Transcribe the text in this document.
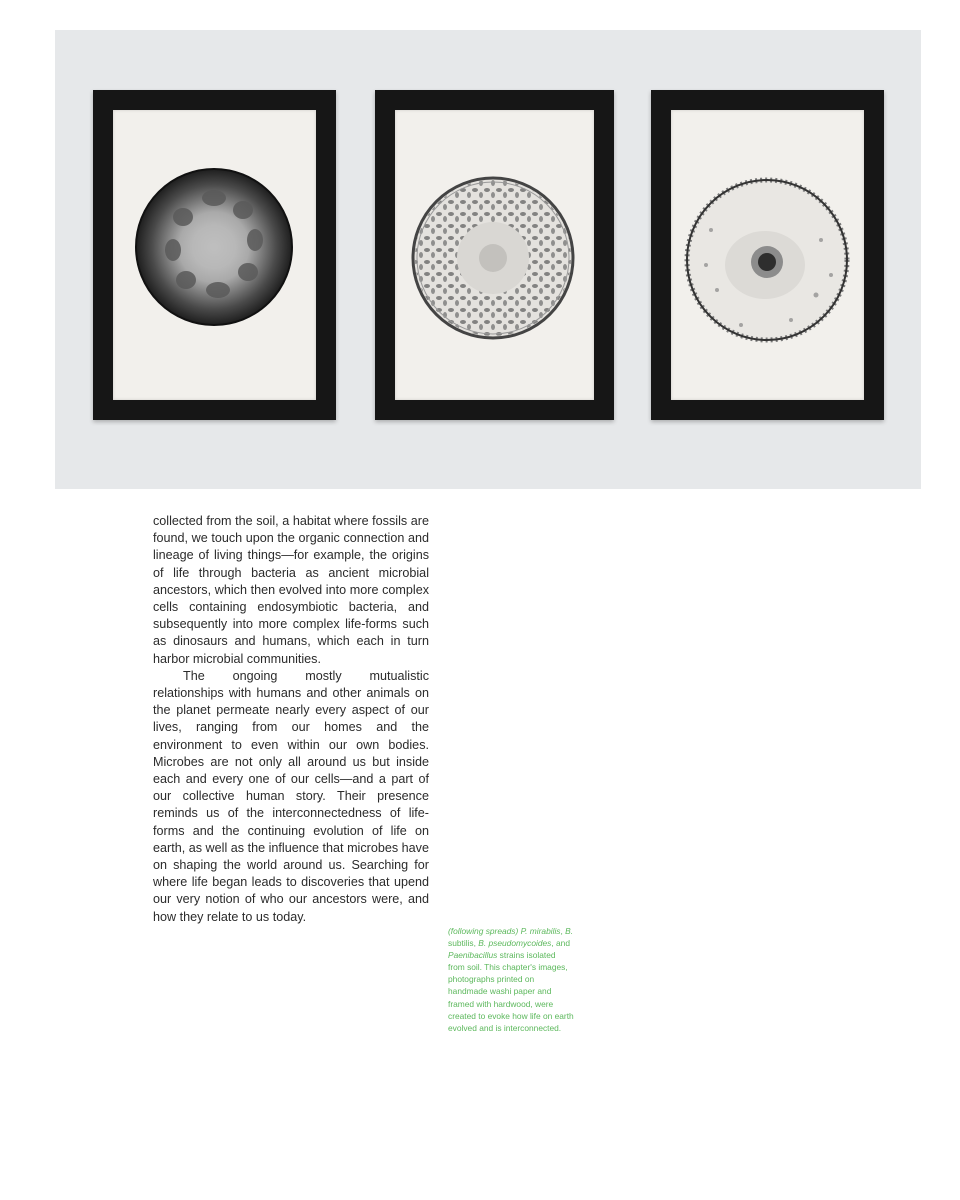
collected from the soil, a habitat where fossils are found, we touch upon the organic connection and lineage of living things—for example, the origins of life through bacteria as ancient microbial ancestors, which then evolved into more complex cells containing endosymbiotic bacteria, and subsequently into more complex life-forms such as dinosaurs and humans, which each in turn harbor microbial communities.

The ongoing mostly mutualistic relationships with humans and other animals on the planet permeate nearly every aspect of our lives, ranging from our homes and the environment to even within our own bodies. Microbes are not only all around us but inside each and every one of our cells—and a part of our collective human story. Their presence reminds us of the interconnectedness of life-forms and the continuing evolution of life on earth, as well as the influence that microbes have on shaping the world around us. Searching for where life began leads to discoveries that upend our very notion of who our ancestors were, and how they relate to us today.

(following spreads) P. mirabilis, B. subtilis, B. pseudomycoides, and Paenibacillus strains isolated from soil. This chapter's images, photographs printed on handmade washi paper and framed with hardwood, were created to evoke how life on earth evolved and is interconnected.
